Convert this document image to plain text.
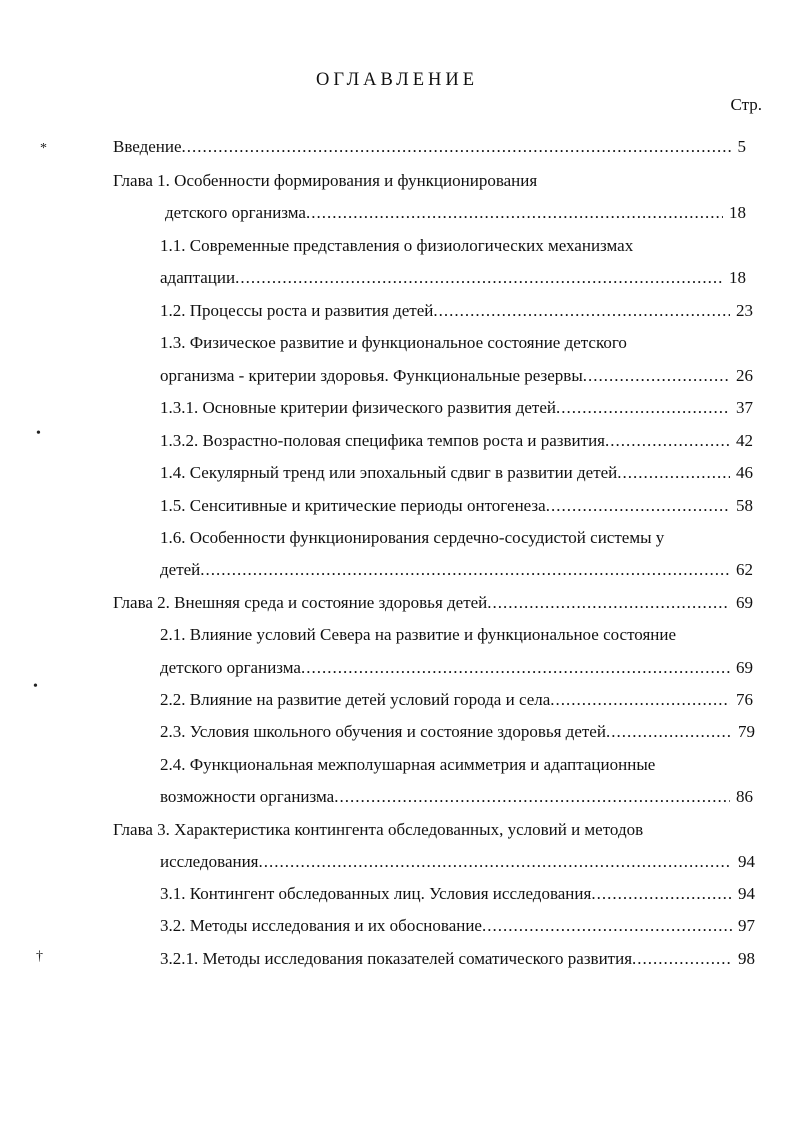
ОГЛАВЛЕНИЕ
Стр.
Введение .....	5
Глава 1. Особенности формирования и функционирования
детского организма .....	18
1.1. Современные представления о физиологических механизмах
адаптации .....	18
1.2. Процессы роста и развития детей .....	23
1.3. Физическое развитие и функциональное состояние детского
организма - критерии здоровья. Функциональные резервы .....	26
1.3.1. Основные критерии физического развития детей .....	37
1.3.2. Возрастно-половая специфика темпов роста и развития .....	42
1.4. Секулярный тренд или эпохальный сдвиг в развитии детей .....	46
1.5. Сенситивные и критические периоды онтогенеза .....	58
1.6. Особенности функционирования сердечно-сосудистой системы у
детей .....	62
Глава 2. Внешняя среда и состояние здоровья детей .....	69
2.1. Влияние условий Севера на развитие и функциональное состояние
детского организма .....	69
2.2. Влияние на развитие детей условий города и села .....	76
2.3. Условия школьного обучения и состояние здоровья детей .....	79
2.4. Функциональная межполушарная асимметрия и адаптационные
возможности организма .....	86
Глава 3. Характеристика контингента обследованных, условий и методов
исследования .....	94
3.1. Контингент обследованных лиц. Условия исследования .....	94
3.2. Методы исследования и их обоснование .....	97
3.2.1. Методы исследования показателей соматического развития .....	98
*
•
•
†
